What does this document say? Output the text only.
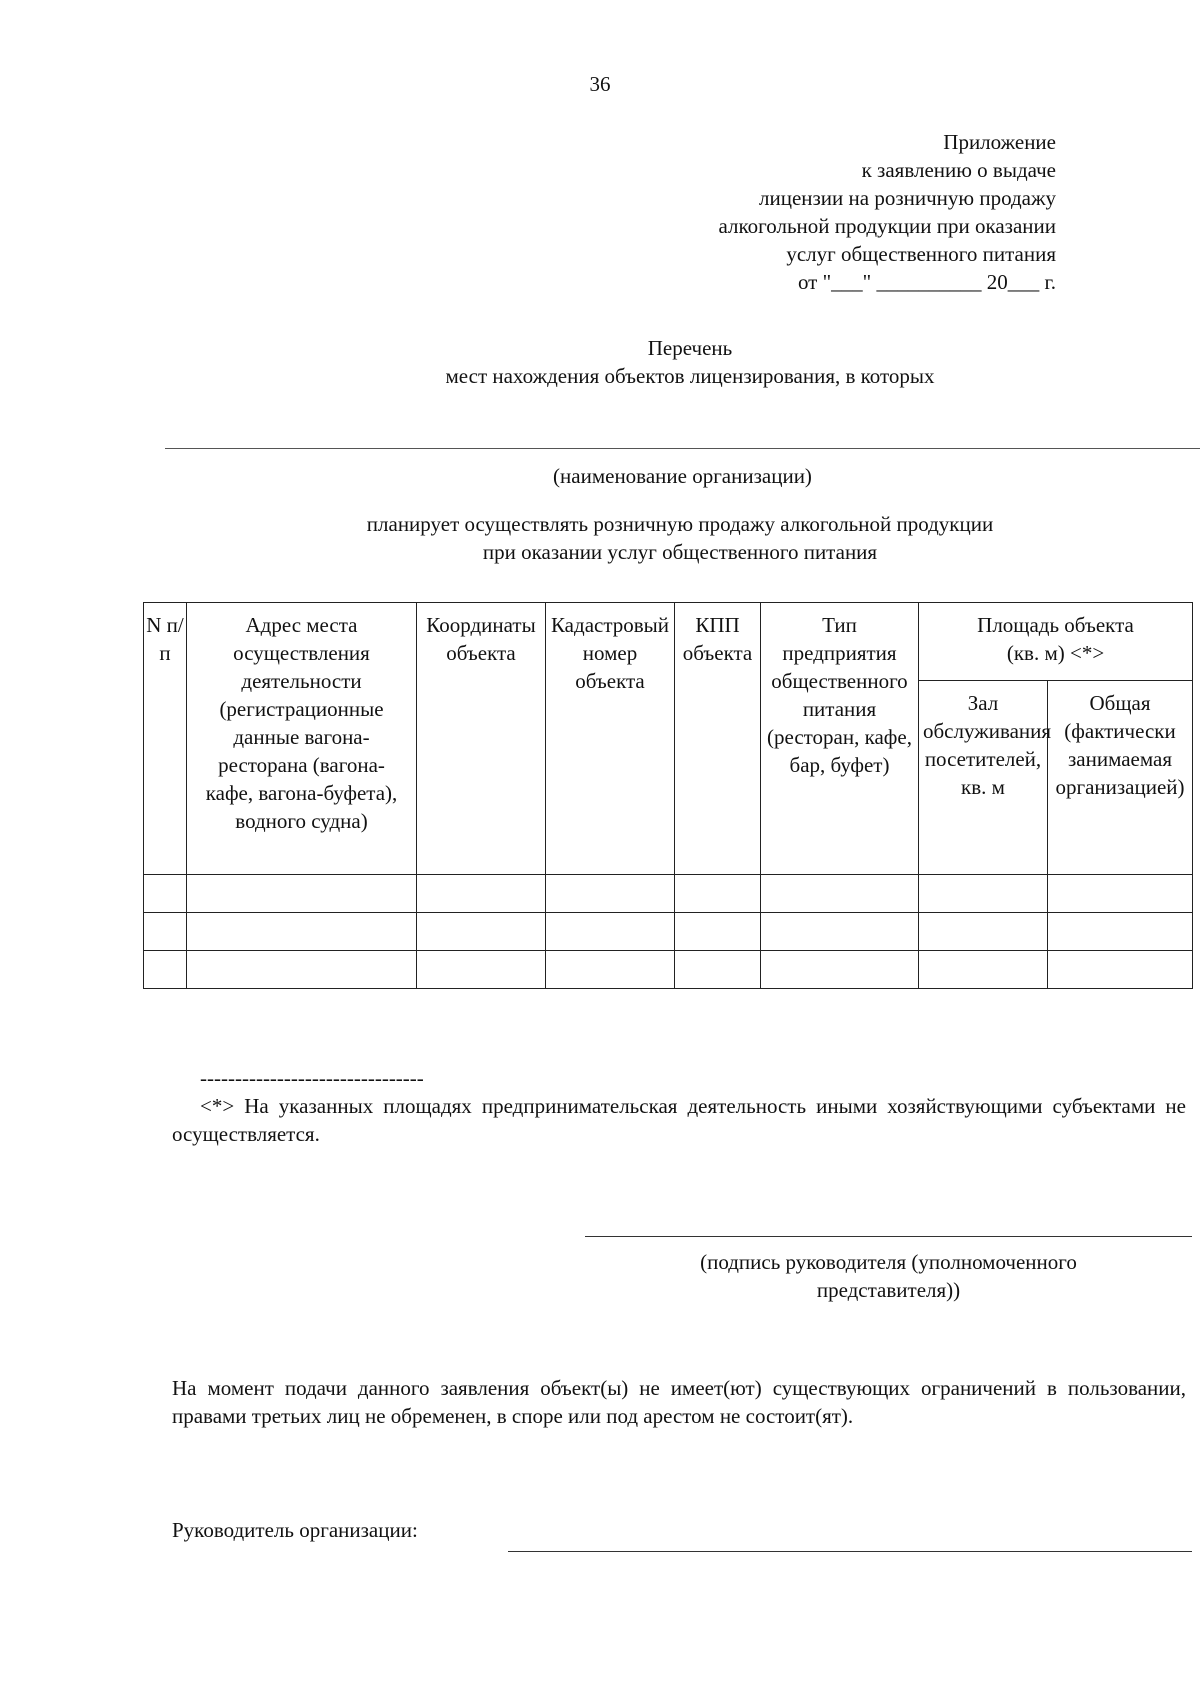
36
Приложение
к заявлению о выдаче
лицензии на розничную продажу
алкогольной продукции при оказании
услуг общественного питания
от "___" __________ 20___ г.
Перечень
мест нахождения объектов лицензирования, в которых
(наименование организации)
планирует осуществлять розничную продажу алкогольной продукции
при оказании услуг общественного питания
N п/п	Адрес места осуществления деятельности (регистрационные данные вагона-ресторана (вагона-кафе, вагона-буфета), водного судна)	Координаты объекта	Кадастровый номер объекта	КПП объекта	Тип предприятия общественного питания (ресторан, кафе, бар, буфет)	Площадь объекта (кв. м) <*>	
						Зал обслуживания посетителей, кв. м	Общая (фактически занимаемая организацией)

--------------------------------
<*> На указанных площадях предпринимательская деятельность иными хозяйствующими субъектами не осуществляется.
(подпись руководителя (уполномоченного
представителя))
На момент подачи данного заявления объект(ы) не имеет(ют) существующих ограничений в пользовании, правами третьих лиц не обременен, в споре или под арестом не состоит(ят).
Руководитель организации:
